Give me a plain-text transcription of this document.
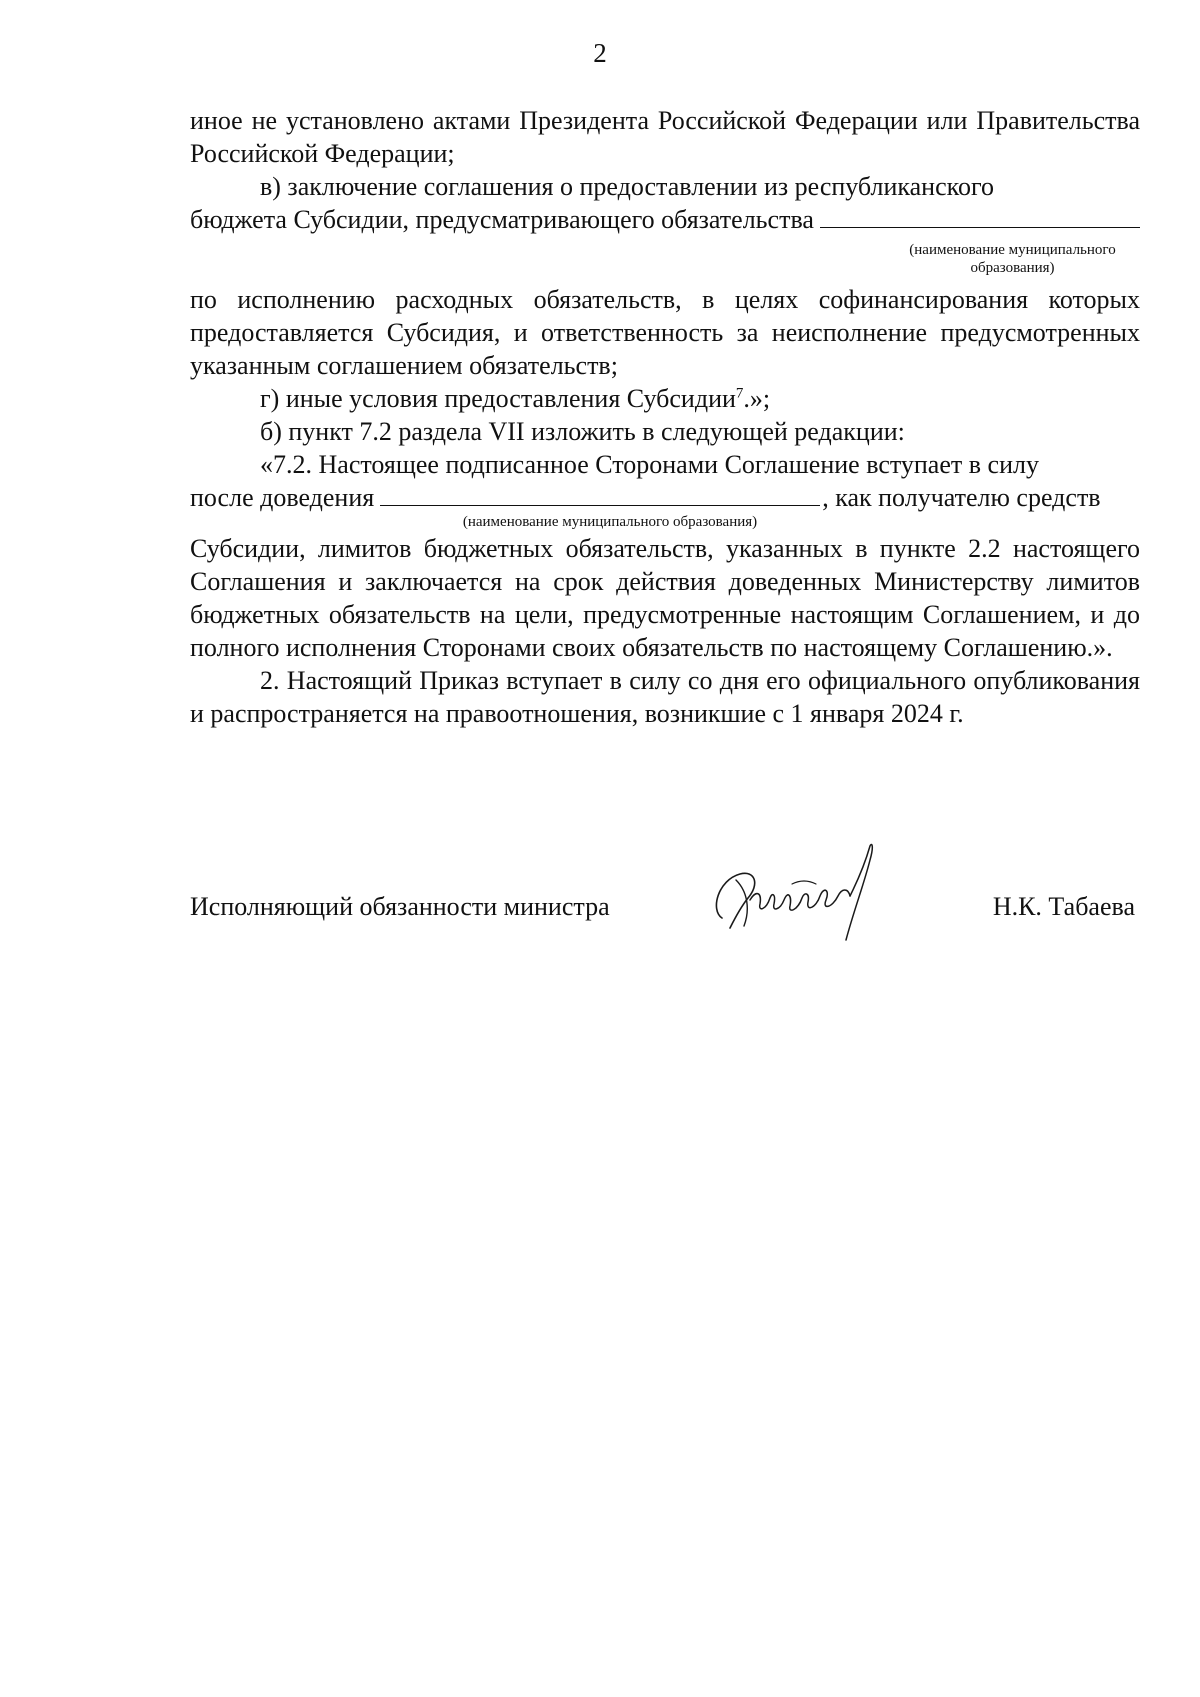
2

иное не установлено актами Президента Российской Федерации или Правительства Российской Федерации;

в) заключение соглашения о предоставлении из республиканского
бюджета Субсидии, предусматривающего обязательства
(наименование муниципального образования)

по исполнению расходных обязательств, в целях софинансирования которых предоставляется Субсидия, и ответственность за неисполнение предусмотренных указанным соглашением обязательств;

г) иные условия предоставления Субсидии$^7$.»;

б) пункт 7.2 раздела VII изложить в следующей редакции:

«7.2. Настоящее подписанное Сторонами Соглашение вступает в силу
после доведения	, как получателю средств
(наименование муниципального образования)

Субсидии, лимитов бюджетных обязательств, указанных в пункте 2.2 настоящего Соглашения и заключается на срок действия доведенных Министерству лимитов бюджетных обязательств на цели, предусмотренные настоящим Соглашением, и до полного исполнения Сторонами своих обязательств по настоящему Соглашению.».

2. Настоящий Приказ вступает в силу со дня его официального опубликования и распространяется на правоотношения, возникшие с 1 января 2024 г.

Исполняющий обязанности министра	Н.К. Табаева
